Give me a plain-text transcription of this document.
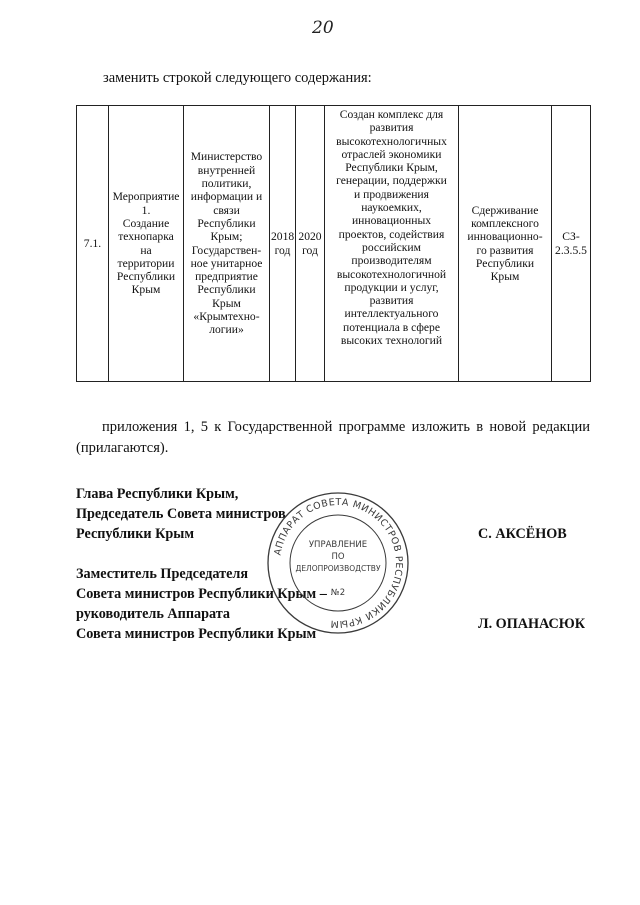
20
заменить строкой следующего содержания:
7.1.	Мероприятие
1.
Создание
технопарка
на
территории
Республики
Крым	Министерство
внутренней
политики,
информации и
связи
Республики
Крым;
Государствен-
ное унитарное
предприятие
Республики
Крым
«Крымтехно-
логии»	2018
год	2020
год	Создан комплекс для
развития
высокотехнологичных
отраслей экономики
Республики Крым,
генерации, поддержки
и продвижения
наукоемких,
инновационных
проектов, содействия
российским
производителям
высокотехнологичной
продукции и услуг,
развития
интеллектуального
потенциала в сфере
высоких технологий	Сдерживание
комплексного
инновационно-
го развития
Республики
Крым	СЗ-
2.3.5.5
приложения 1, 5 к Государственной программе изложить в новой редакции (прилагаются).
Глава Республики Крым,
Председатель Совета министров
Республики Крым	С. АКСЁНОВ
Заместитель Председателя
Совета министров Республики Крым –
руководитель Аппарата
Совета министров Республики Крым
Л. ОПАНАСЮК
АППАРАТ СОВЕТА МИНИСТРОВ РЕСПУБЛИКИ КРЫМ
УПРАВЛЕНИЕ
ПО
ДЕЛОПРОИЗВОДСТВУ
№2
